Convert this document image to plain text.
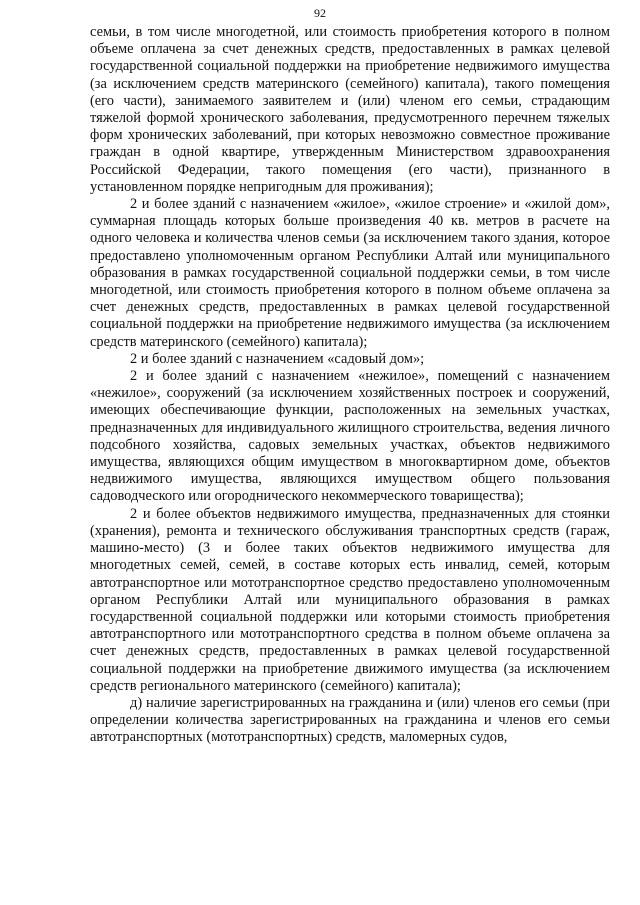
92

семьи, в том числе многодетной, или стоимость приобретения которого в полном объеме оплачена за счет денежных средств, предоставленных в рамках целевой государственной социальной поддержки на приобретение недвижимого имущества (за исключением средств материнского (семейного) капитала), такого помещения (его части), занимаемого заявителем и (или) членом его семьи, страдающим тяжелой формой хронического заболевания, предусмотренного перечнем тяжелых форм хронических заболеваний, при которых невозможно совместное проживание граждан в одной квартире, утвержденным Министерством здравоохранения Российской Федерации, такого помещения (его части), признанного в установленном порядке непригодным для проживания);

2 и более зданий с назначением «жилое», «жилое строение» и «жилой дом», суммарная площадь которых больше произведения 40 кв. метров в расчете на одного человека и количества членов семьи (за исключением такого здания, которое предоставлено уполномоченным органом Республики Алтай или муниципального образования в рамках государственной социальной поддержки семьи, в том числе многодетной, или стоимость приобретения которого в полном объеме оплачена за счет денежных средств, предоставленных в рамках целевой государственной социальной поддержки на приобретение недвижимого имущества (за исключением средств материнского (семейного) капитала);

2 и более зданий с назначением «садовый дом»;

2 и более зданий с назначением «нежилое», помещений с назначением «нежилое», сооружений (за исключением хозяйственных построек и сооружений, имеющих обеспечивающие функции, расположенных на земельных участках, предназначенных для индивидуального жилищного строительства, ведения личного подсобного хозяйства, садовых земельных участках, объектов недвижимого имущества, являющихся общим имуществом в многоквартирном доме, объектов недвижимого имущества, являющихся имуществом общего пользования садоводческого или огороднического некоммерческого товарищества);

2 и более объектов недвижимого имущества, предназначенных для стоянки (хранения), ремонта и технического обслуживания транспортных средств (гараж, машино-место) (3 и более таких объектов недвижимого имущества для многодетных семей, семей, в составе которых есть инвалид, семей, которым автотранспортное или мототранспортное средство предоставлено уполномоченным органом Республики Алтай или муниципального образования в рамках государственной социальной поддержки или которыми стоимость приобретения автотранспортного или мототранспортного средства в полном объеме оплачена за счет денежных средств, предоставленных в рамках целевой государственной социальной поддержки на приобретение движимого имущества (за исключением средств регионального материнского (семейного) капитала);

д) наличие зарегистрированных на гражданина и (или) членов его семьи (при определении количества зарегистрированных на гражданина и членов его семьи автотранспортных (мототранспортных) средств, маломерных судов,
